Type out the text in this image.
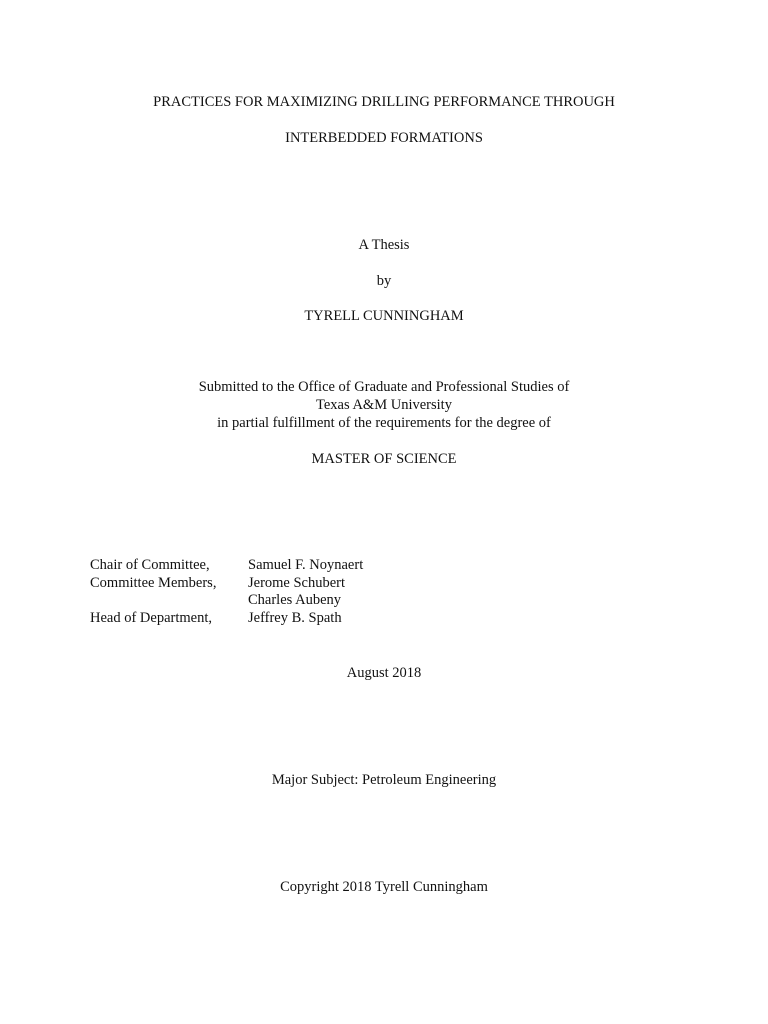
PRACTICES FOR MAXIMIZING DRILLING PERFORMANCE THROUGH
INTERBEDDED FORMATIONS
A Thesis
by
TYRELL CUNNINGHAM
Submitted to the Office of Graduate and Professional Studies of
Texas A&M University
in partial fulfillment of the requirements for the degree of
MASTER OF SCIENCE
Chair of Committee,	Samuel F. Noynaert
Committee Members,	Jerome Schubert
Charles Aubeny
Head of Department,	Jeffrey B. Spath
August 2018
Major Subject: Petroleum Engineering
Copyright 2018 Tyrell Cunningham
